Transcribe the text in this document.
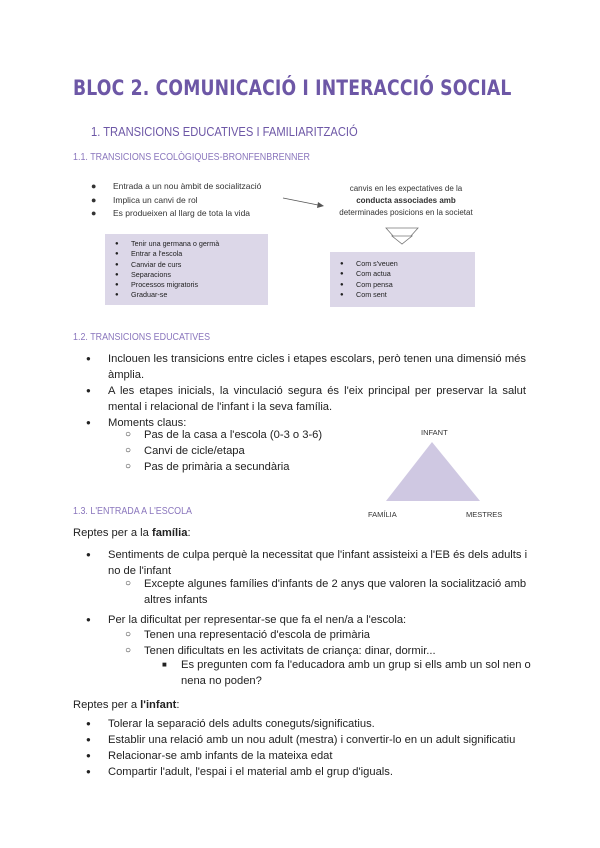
BLOC 2. COMUNICACIÓ I INTERACCIÓ SOCIAL
1. TRANSICIONS EDUCATIVES I FAMILIARITZACIÓ
1.1. TRANSICIONS ECOLÒGIQUES-BRONFENBRENNER
● Entrada a un nou àmbit de socialització
● Implica un canvi de rol
● Es produeixen al llarg de tota la vida
canvis en les expectatives de la
conducta associades amb
determinades posicions en la societat
● Tenir una germana o germà
● Entrar a l'escola
● Canviar de curs
● Separacions
● Processos migratoris
● Graduar-se
● Com s'veuen
● Com actua
● Com pensa
● Com sent
1.2. TRANSICIONS EDUCATIVES
● Inclouen les transicions entre cicles i etapes escolars, però tenen una dimensió més àmplia.
● A les etapes inicials, la vinculació segura és l'eix principal per preservar la salut mental i relacional de l'infant i la seva família.
● Moments claus:
○ Pas de la casa a l'escola (0-3 o 3-6)
○ Canvi de cicle/etapa
○ Pas de primària a secundària
INFANT
FAMÍLIA	MESTRES
1.3. L'ENTRADA A L'ESCOLA
Reptes per a la família:
● Sentiments de culpa perquè la necessitat que l'infant assisteixi a l'EB és dels adults i no de l'infant
○ Excepte algunes famílies d'infants de 2 anys que valoren la socialització amb altres infants
● Per la dificultat per representar-se que fa el nen/a a l'escola:
○ Tenen una representació d'escola de primària
○ Tenen dificultats en les activitats de criança: dinar, dormir...
■ Es pregunten com fa l'educadora amb un grup si ells amb un sol nen o nena no poden?
Reptes per a l'infant:
● Tolerar la separació dels adults coneguts/significatius.
● Establir una relació amb un nou adult (mestra) i convertir-lo en un adult significatiu
● Relacionar-se amb infants de la mateixa edat
● Compartir l'adult, l'espai i el material amb el grup d'iguals.
